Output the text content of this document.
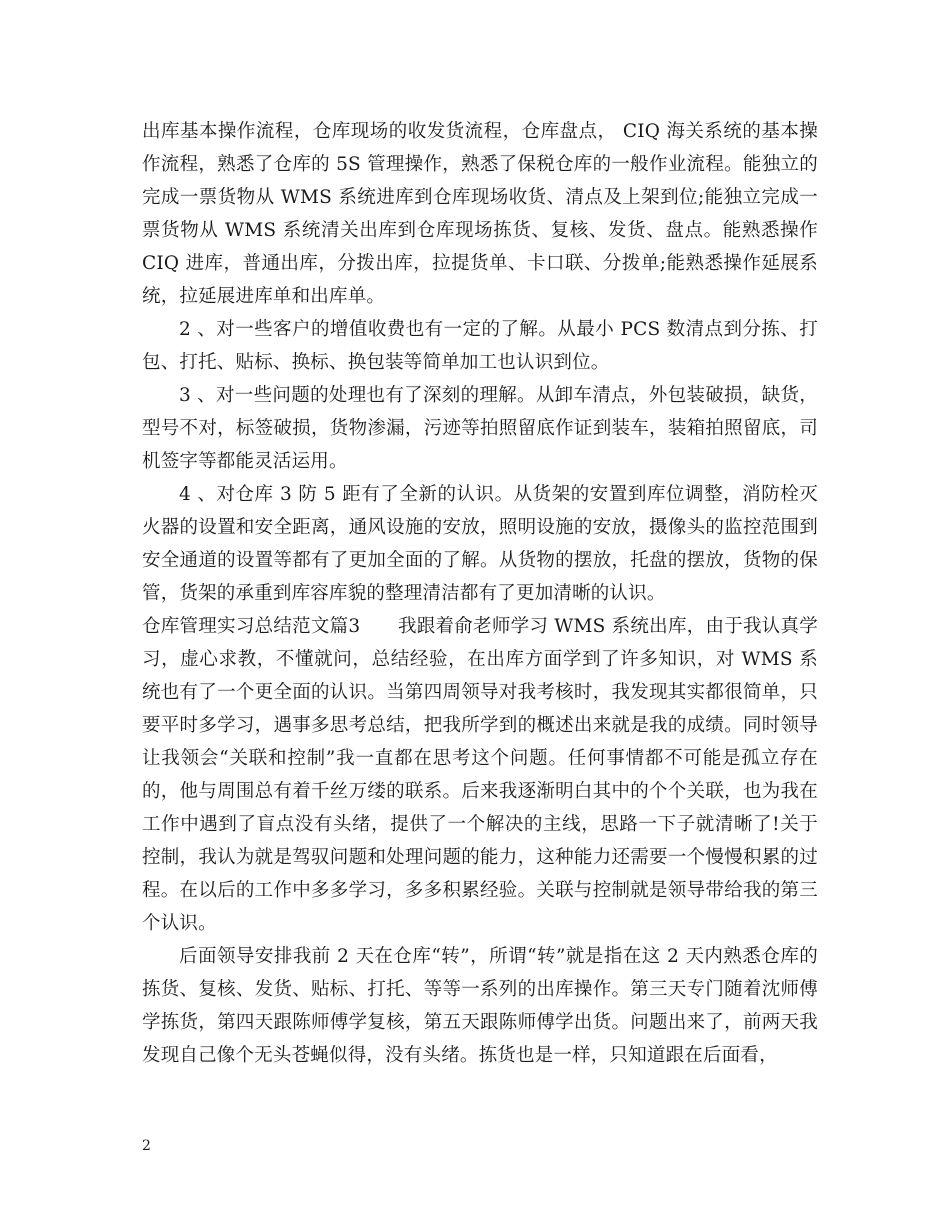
出库基本操作流程，仓库现场的收发货流程，仓库盘点， CIQ 海关系统的基本操作流程，熟悉了仓库的 5S 管理操作，熟悉了保税仓库的一般作业流程。能独立的完成一票货物从 WMS 系统进库到仓库现场收货、清点及上架到位;能独立完成一票货物从 WMS 系统清关出库到仓库现场拣货、复核、发货、盘点。能熟悉操作 CIQ 进库，普通出库，分拨出库，拉提货单、卡口联、分拨单;能熟悉操作延展系统，拉延展进库单和出库单。

2 、对一些客户的增值收费也有一定的了解。从最小 PCS 数清点到分拣、打包、打托、贴标、换标、换包装等简单加工也认识到位。

3 、对一些问题的处理也有了深刻的理解。从卸车清点，外包装破损，缺货，型号不对，标签破损，货物渗漏，污迹等拍照留底作证到装车，装箱拍照留底，司机签字等都能灵活运用。

4 、对仓库 3 防 5 距有了全新的认识。从货架的安置到库位调整，消防栓灭火器的设置和安全距离，通风设施的安放，照明设施的安放，摄像头的监控范围到安全通道的设置等都有了更加全面的了解。从货物的摆放，托盘的摆放，货物的保管，货架的承重到库容库貌的整理清洁都有了更加清晰的认识。

仓库管理实习总结范文篇3　　我跟着俞老师学习 WMS 系统出库，由于我认真学习，虚心求教，不懂就问，总结经验，在出库方面学到了许多知识，对 WMS 系统也有了一个更全面的认识。当第四周领导对我考核时，我发现其实都很简单，只要平时多学习，遇事多思考总结，把我所学到的概述出来就是我的成绩。同时领导让我领会“关联和控制”我一直都在思考这个问题。任何事情都不可能是孤立存在的，他与周围总有着千丝万缕的联系。后来我逐渐明白其中的个个关联，也为我在工作中遇到了盲点没有头绪，提供了一个解决的主线，思路一下子就清晰了!关于控制，我认为就是驾驭问题和处理问题的能力，这种能力还需要一个慢慢积累的过程。在以后的工作中多多学习，多多积累经验。关联与控制就是领导带给我的第三个认识。

后面领导安排我前 2 天在仓库“转”，所谓“转”就是指在这 2 天内熟悉仓库的拣货、复核、发货、贴标、打托、等等一系列的出库操作。第三天专门随着沈师傅学拣货，第四天跟陈师傅学复核，第五天跟陈师傅学出货。问题出来了，前两天我发现自己像个无头苍蝇似得，没有头绪。拣货也是一样，只知道跟在后面看，

2
